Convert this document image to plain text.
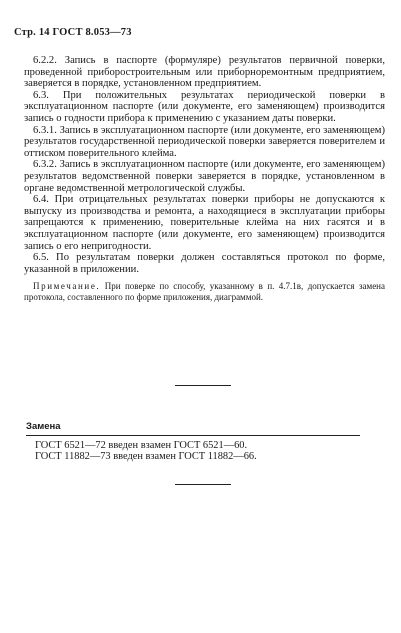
Стр. 14 ГОСТ 8.053—73

6.2.2. Запись в паспорте (формуляре) результатов первичной поверки, проведенной приборостроительным или приборноремонтным предприятием, заверяется в порядке, установленном предприятием.

6.3. При положительных результатах периодической поверки в эксплуатационном паспорте (или документе, его заменяющем) производится запись о годности прибора к применению с указанием даты поверки.

6.3.1. Запись в эксплуатационном паспорте (или документе, его заменяющем) результатов государственной периодической поверки заверяется поверителем и оттиском поверительного клейма.

6.3.2. Запись в эксплуатационном паспорте (или документе, его заменяющем) результатов ведомственной поверки заверяется в порядке, установленном в органе ведомственной метрологической службы.

6.4. При отрицательных результатах поверки приборы не допускаются к выпуску из производства и ремонта, а находящиеся в эксплуатации приборы запрещаются к применению, поверительные клейма на них гасятся и в эксплуатационном паспорте (или документе, его заменяющем) производится запись о его непригодности.

6.5. По результатам поверки должен составляться протокол по форме, указанной в приложении.

Примечание. При поверке по способу, указанному в п. 4.7.1в, допускается замена протокола, составленного по форме приложения, диаграммой.

Замена
ГОСТ 6521—72 введен взамен ГОСТ 6521—60.
ГОСТ 11882—73 введен взамен ГОСТ 11882—66.
